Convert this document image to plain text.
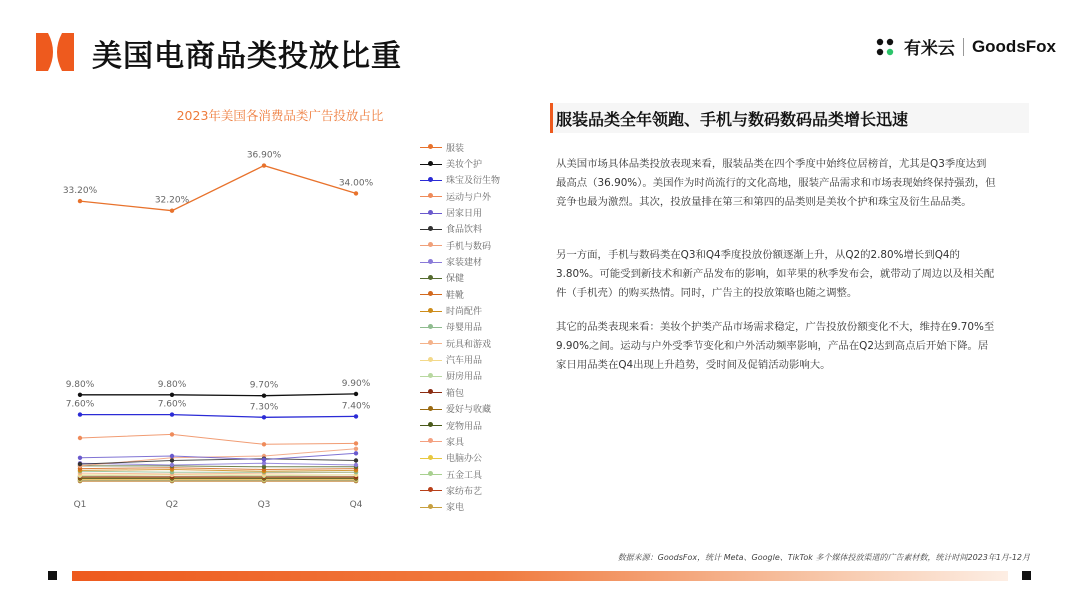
美国电商品类投放比重	有米云 GoodsFox
2023年美国各消费品类广告投放占比
33.20%
32.20%
36.90%
34.00%
9.80%	9.80%	9.70%	9.90%
7.60%	7.60%	7.30%	7.40%
Q1	Q2	Q3	Q4
服装
美妆个护
珠宝及衍生物
运动与户外
居家日用
食品饮料
手机与数码
家装建材
保健
鞋靴
时尚配件
母婴用品
玩具和游戏
汽车用品
厨房用品
箱包
爱好与收藏
宠物用品
家具
电脑办公
五金工具
家纺布艺
家电
服装品类全年领跑、手机与数码数码品类增长迅速

从美国市场具体品类投放表现来看，服装品类在四个季度中始终位居榜首，尤其是Q3季度达到最高点（36.90%）。美国作为时尚流行的文化高地，服装产品需求和市场表现始终保持强劲，但竞争也最为激烈。其次，投放量排在第三和第四的品类则是美妆个护和珠宝及衍生品品类。

另一方面，手机与数码类在Q3和Q4季度投放份额逐渐上升，从Q2的2.80%增长到Q4的3.80%。可能受到新技术和新产品发布的影响，如苹果的秋季发布会，就带动了周边以及相关配件（手机壳）的购买热情。同时，广告主的投放策略也随之调整。

其它的品类表现来看：美妆个护类产品市场需求稳定，广告投放份额变化不大，维持在9.70%至9.90%之间。运动与户外受季节变化和户外活动频率影响，产品在Q2达到高点后开始下降。居家日用品类在Q4出现上升趋势，受时间及促销活动影响大。

数据来源：GoodsFox，统计 Meta、Google、TikTok 多个媒体投放渠道的广告素材数，统计时间2023年1月-12月
